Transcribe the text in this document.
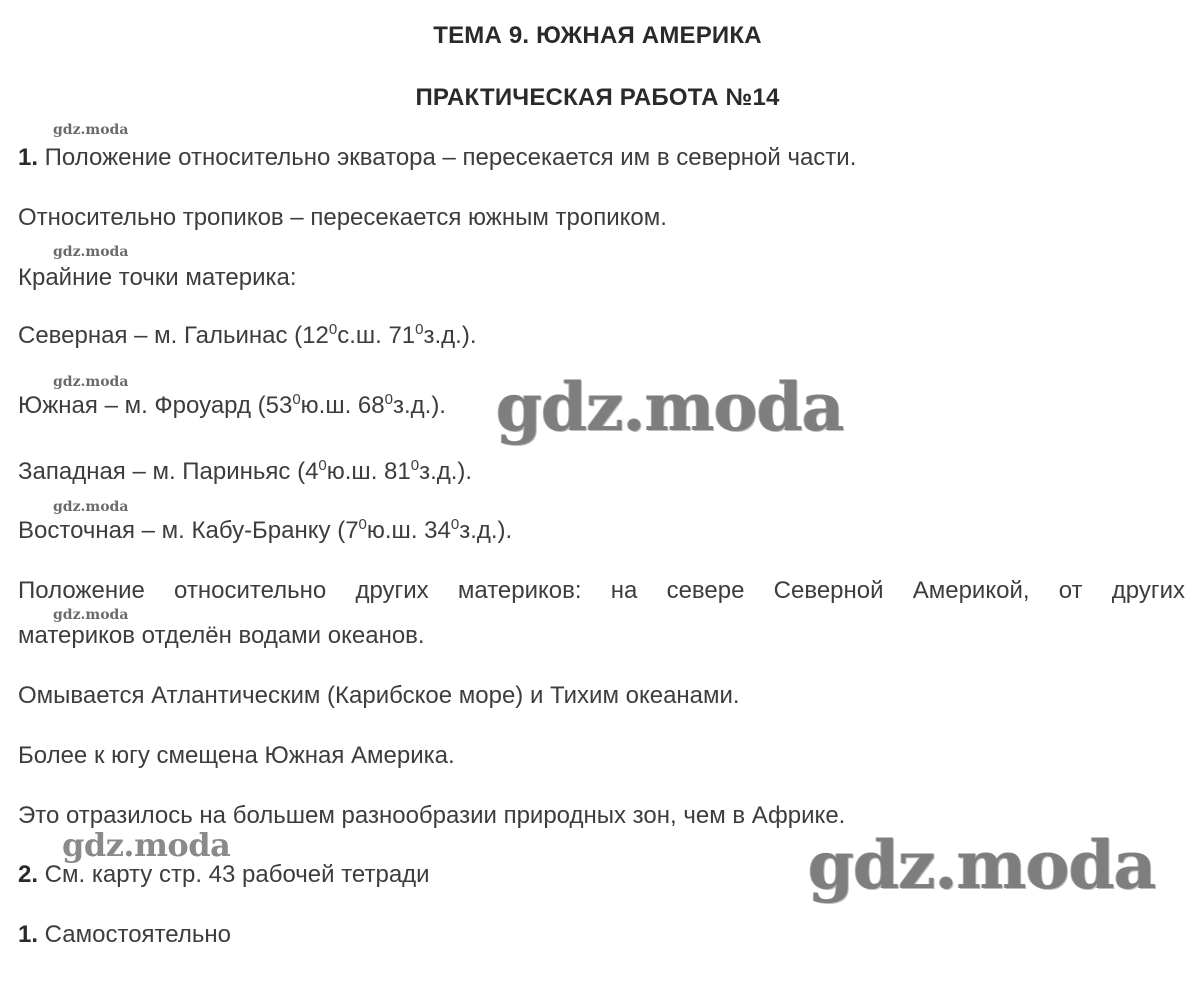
ТЕМА 9. ЮЖНАЯ АМЕРИКА
ПРАКТИЧЕСКАЯ РАБОТА №14
gdz.moda
1. Положение относительно экватора – пересекается им в северной части.
Относительно тропиков – пересекается южным тропиком.
gdz.moda
Крайние точки материка:
Северная – м. Гальинас ($12^0с.ш$. $71^0з.д$.).
gdz.moda
Южная – м. Фроуард ($53^0ю.ш$. $68^0з.д$.).
Западная – м. Париньяс ($4^0ю.ш$. $81^0з.д$.).
gdz.moda
Восточная – м. Кабу-Бранку ($7^0ю.ш$. $34^0з.д$.).
Положение относительно других материков: на севере Северной Америкой, от других
gdz.moda
материков отделён водами океанов.
Омывается Атлантическим (Карибское море) и Тихим океанами.
Более к югу смещена Южная Америка.
Это отразилось на большем разнообразии природных зон, чем в Африке.
gdz.moda
2. См. карту стр. 43 рабочей тетради
1. Самостоятельно
gdz.moda
gdz.moda
